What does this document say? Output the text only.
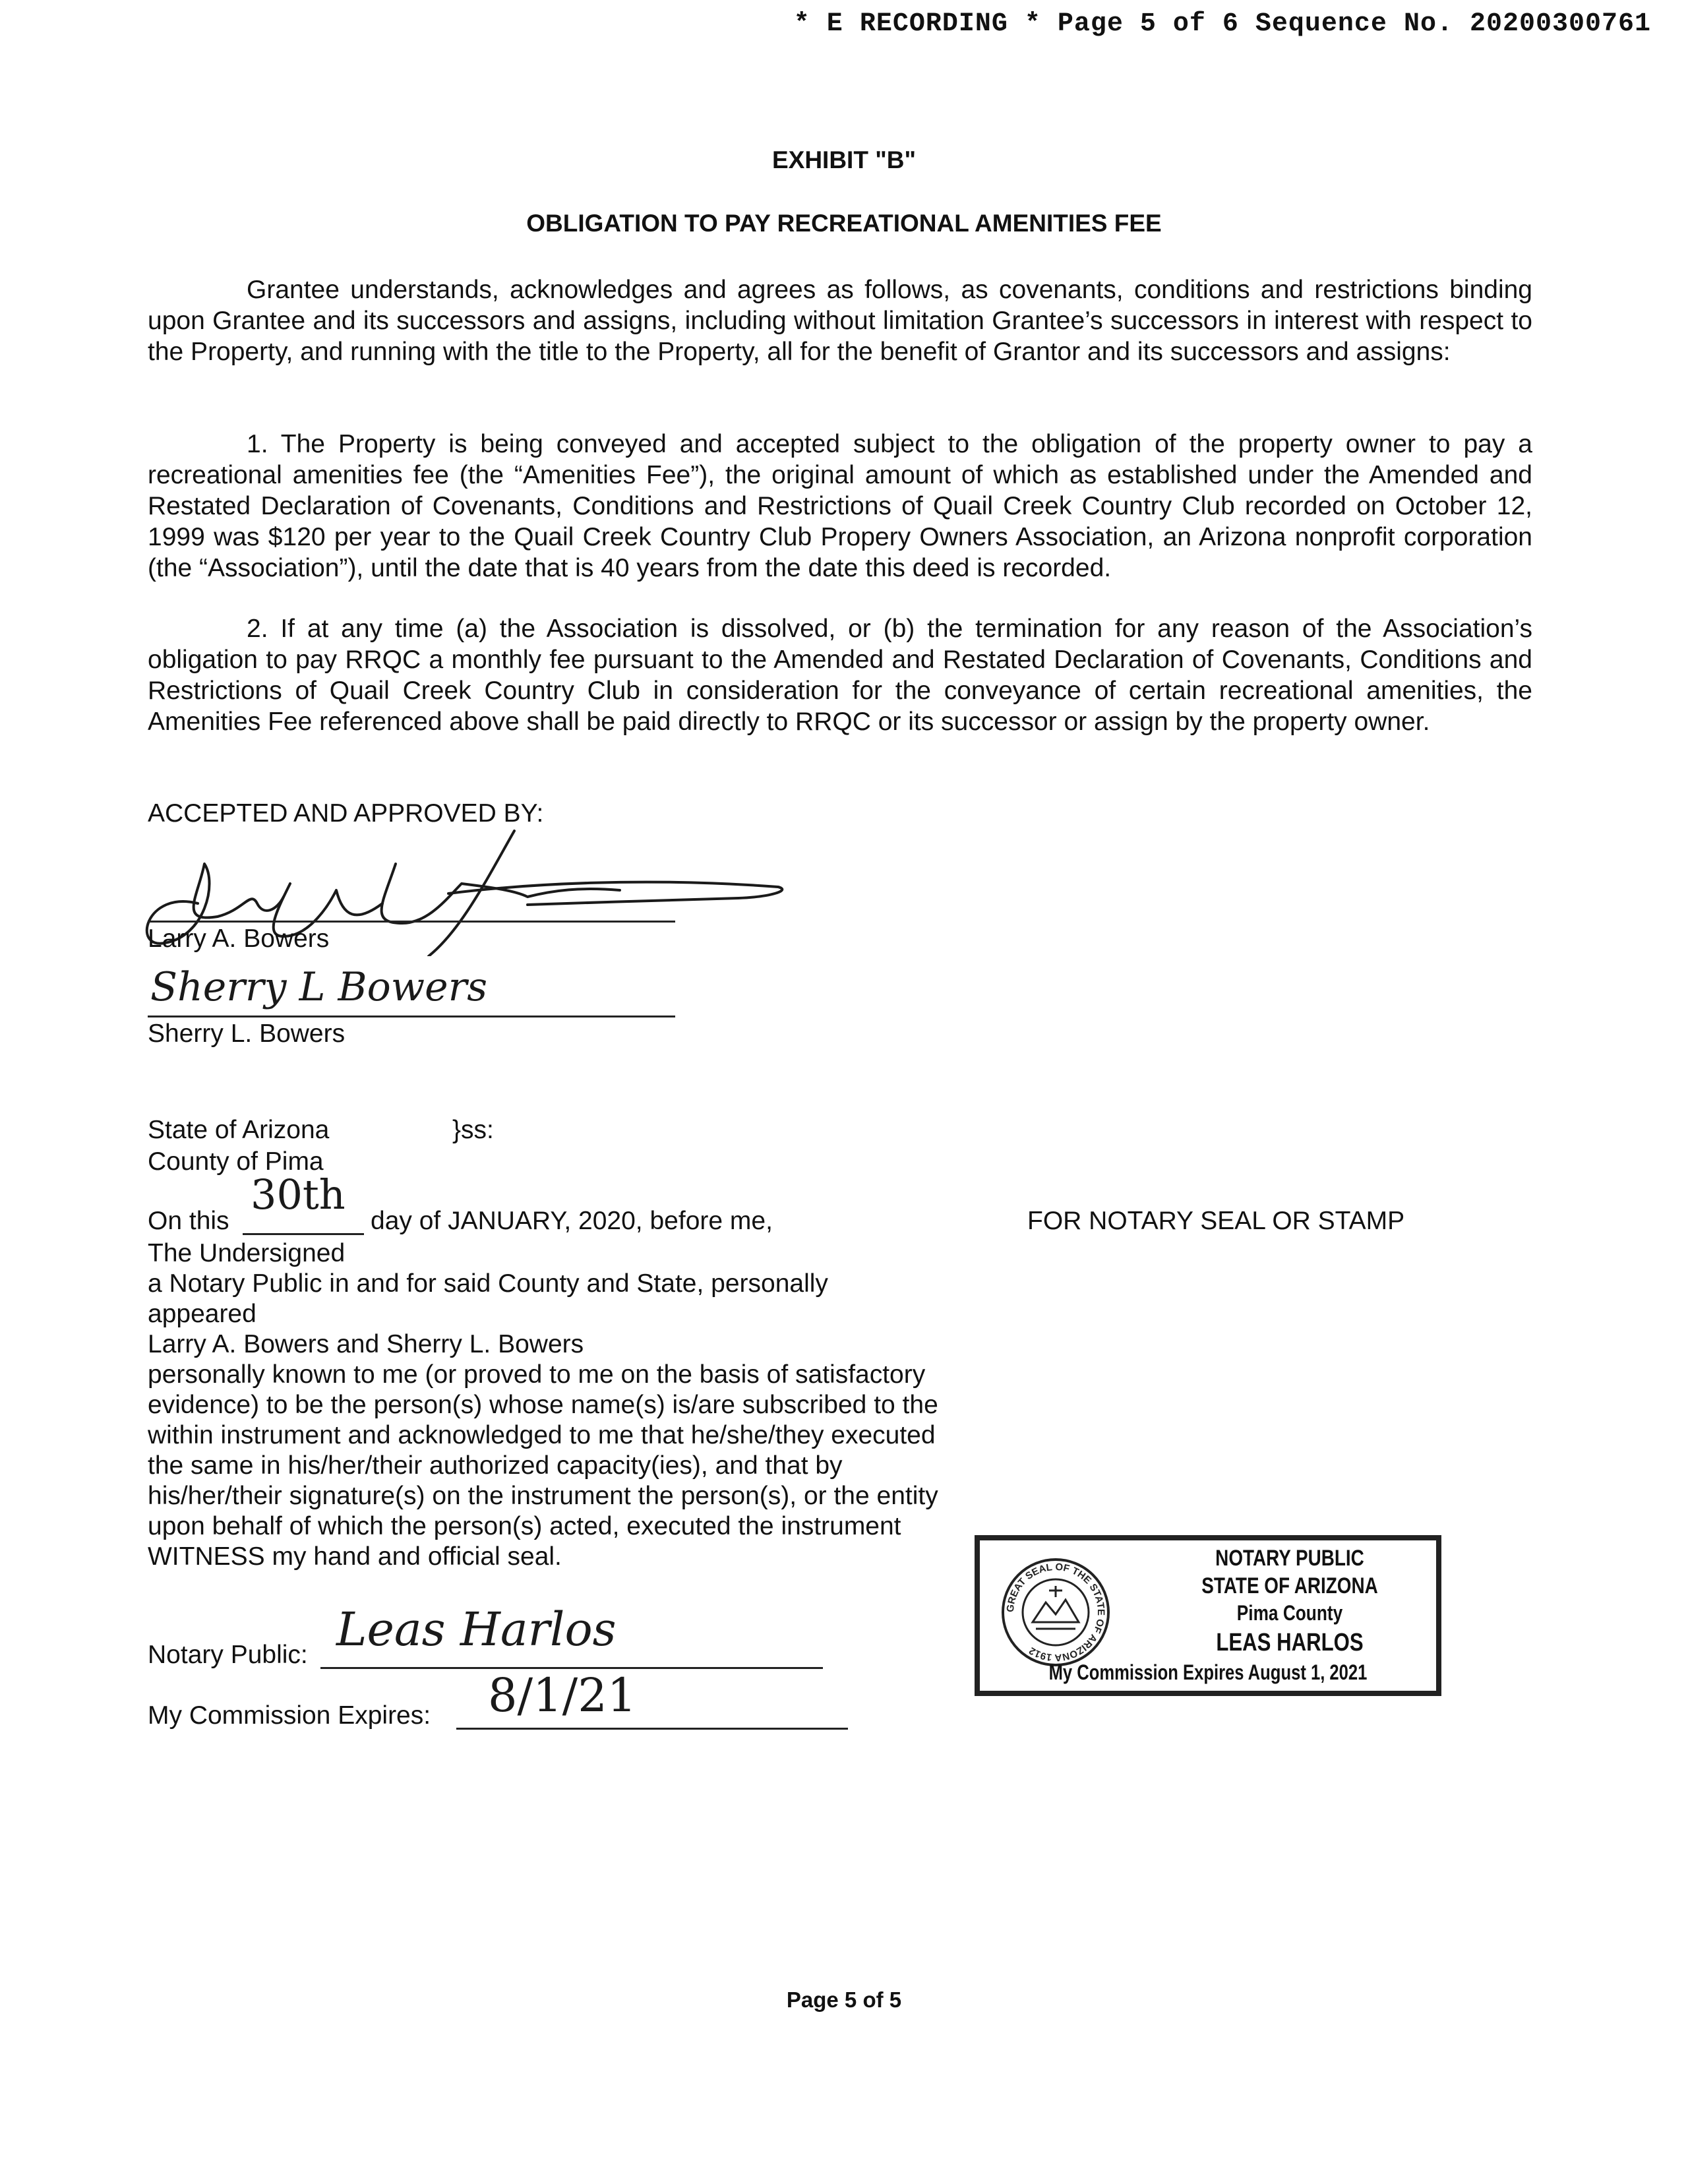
* E RECORDING * Page 5 of 6 Sequence No. 20200300761
EXHIBIT "B"
OBLIGATION TO PAY RECREATIONAL AMENITIES FEE

Grantee understands, acknowledges and agrees as follows, as covenants, conditions and restrictions binding upon Grantee and its successors and assigns, including without limitation Grantee’s successors in interest with respect to the Property, and running with the title to the Property, all for the benefit of Grantor and its successors and assigns:

1. The Property is being conveyed and accepted subject to the obligation of the property owner to pay a recreational amenities fee (the “Amenities Fee”), the original amount of which as established under the Amended and Restated Declaration of Covenants, Conditions and Restrictions of Quail Creek Country Club recorded on October 12, 1999 was $120 per year to the Quail Creek Country Club Propery Owners Association, an Arizona nonprofit corporation (the “Association”), until the date that is 40 years from the date this deed is recorded.

2. If at any time (a) the Association is dissolved, or (b) the termination for any reason of the Association’s obligation to pay RRQC a monthly fee pursuant to the Amended and Restated Declaration of Covenants, Conditions and Restrictions of Quail Creek Country Club in consideration for the conveyance of certain recreational amenities, the Amenities Fee referenced above shall be paid directly to RRQC or its successor or assign by the property owner.

ACCEPTED AND APPROVED BY:
Larry A. Bowers
Sherry L Bowers
Sherry L. Bowers
State of Arizona	}ss:
County of Pima
On this
30th
day of JANUARY, 2020, before me,	FOR NOTARY SEAL OR STAMP
The Undersigned
a Notary Public in and for said County and State, personally
appeared
Larry A. Bowers and Sherry L. Bowers
personally known to me (or proved to me on the basis of satisfactory evidence) to be the person(s) whose name(s) is/are subscribed to the within instrument and acknowledged to me that he/she/they executed the same in his/her/their authorized capacity(ies), and that by his/her/their signature(s) on the instrument the person(s), or the entity upon behalf of which the person(s) acted, executed the instrument
WITNESS my hand and official seal.
Notary Public: Leas Harlos
My Commission Expires: 8/1/21
GREAT SEAL OF THE STATE OF ARIZONA 1912
NOTARY PUBLIC
STATE OF ARIZONA
Pima County
LEAS HARLOS
My Commission Expires August 1, 2021
Page 5 of 5
